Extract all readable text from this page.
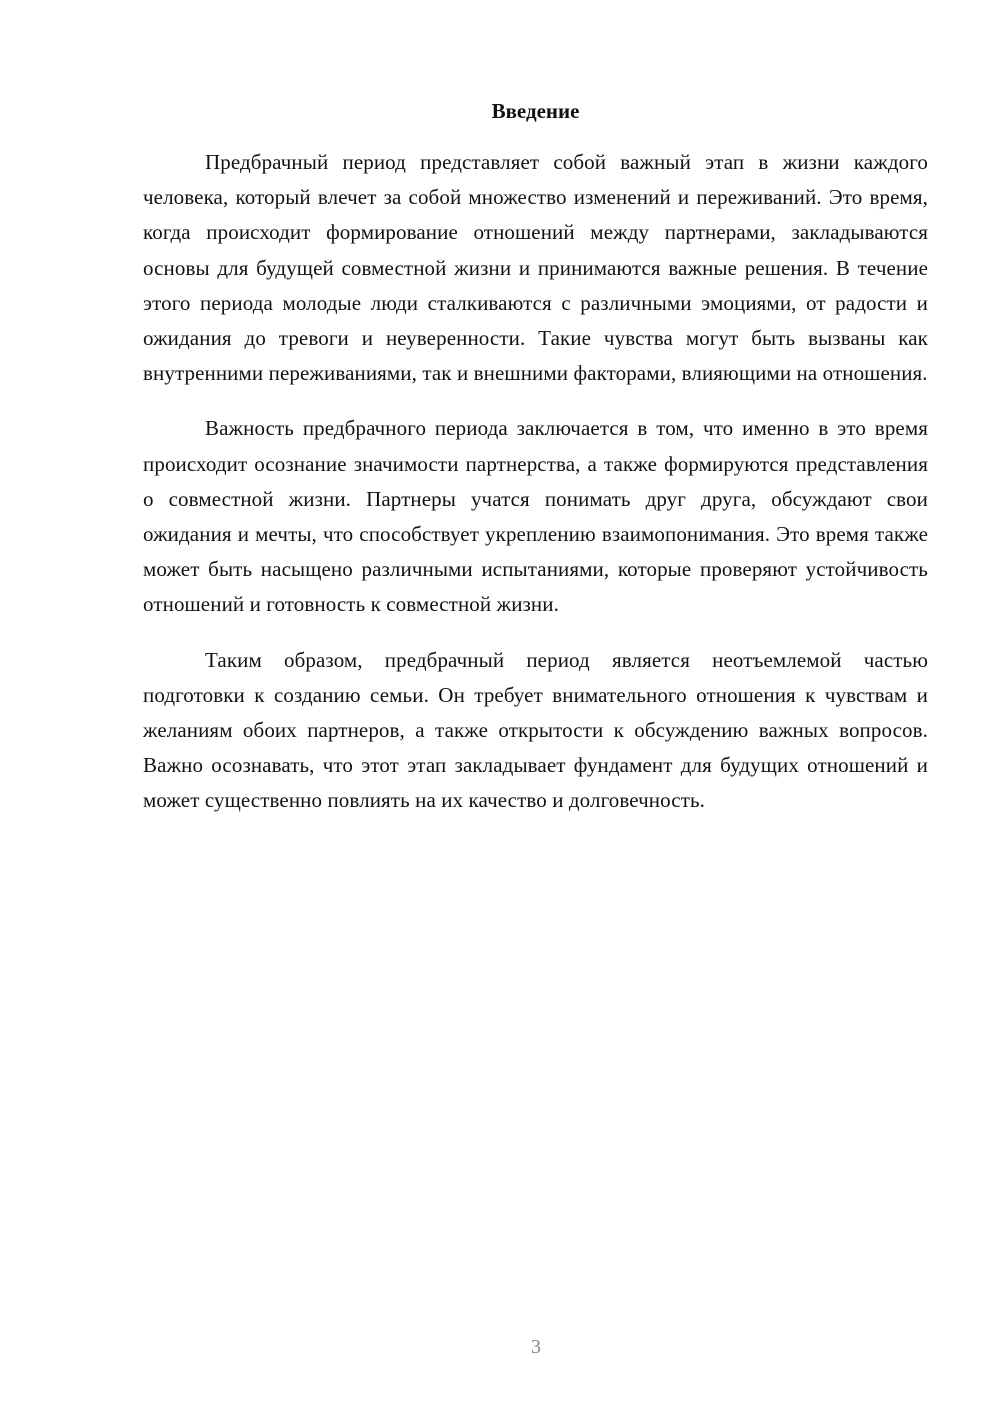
Введение

Предбрачный период представляет собой важный этап в жизни каждого человека, который влечет за собой множество изменений и переживаний. Это время, когда происходит формирование отношений между партнерами, закладываются основы для будущей совместной жизни и принимаются важные решения. В течение этого периода молодые люди сталкиваются с различными эмоциями, от радости и ожидания до тревоги и неуверенности. Такие чувства могут быть вызваны как внутренними переживаниями, так и внешними факторами, влияющими на отношения.

Важность предбрачного периода заключается в том, что именно в это время происходит осознание значимости партнерства, а также формируются представления о совместной жизни. Партнеры учатся понимать друг друга, обсуждают свои ожидания и мечты, что способствует укреплению взаимопонимания. Это время также может быть насыщено различными испытаниями, которые проверяют устойчивость отношений и готовность к совместной жизни.

Таким образом, предбрачный период является неотъемлемой частью подготовки к созданию семьи. Он требует внимательного отношения к чувствам и желаниям обоих партнеров, а также открытости к обсуждению важных вопросов. Важно осознавать, что этот этап закладывает фундамент для будущих отношений и может существенно повлиять на их качество и долговечность.

3
